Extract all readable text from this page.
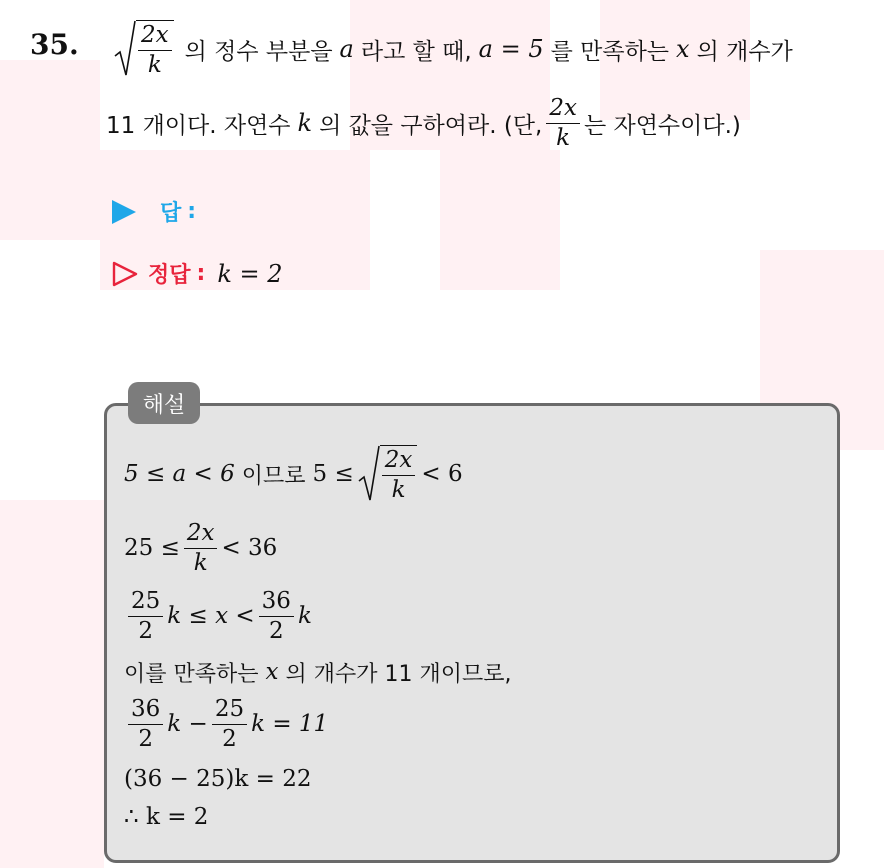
35.	$\frac{2x}{k}$ 의 정수 부분을 a 라고 할 때, a = 5 를 만족하는 x 의 개수가
11 개이다. 자연수 k 의 값을 구하여라. (단, $\frac{2x}{k}$ 는 자연수이다.)
답 :
정답 : k = 2
해설
5 ≤ a < 6 이므로 $5 \le \frac{2x}{k} < 6$
$25 \le \frac{2x}{k} < 36$
$\frac{25}{2}$ $k \le x < \frac{36}{2}$ k
이를 만족하는 x 의 개수가 11 개이므로,
$\frac{36}{2}$ $k - \frac{25}{2}$ k = 11
(36 − 25)k = 22
∴ k = 2
